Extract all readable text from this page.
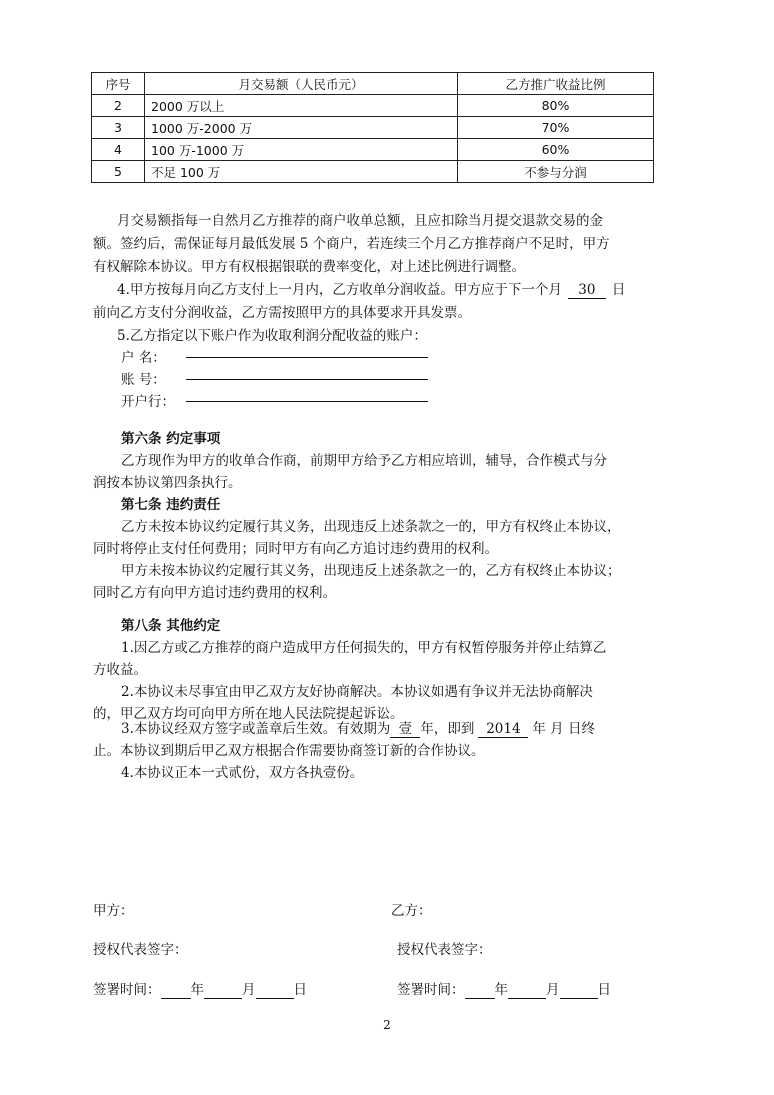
序号	月交易额（人民币元）	乙方推广收益比例
2	2000 万以上	80%
3	1000 万-2000 万	70%
4	100 万-1000 万	60%
5	不足 100 万	不参与分润
月交易额指每一自然月乙方推荐的商户收单总额，且应扣除当月提交退款交易的金
额。签约后，需保证每月最低发展 5 个商户，若连续三个月乙方推荐商户不足时，甲方
有权解除本协议。甲方有权根据银联的费率变化，对上述比例进行调整。
4.甲方按每月向乙方支付上一月内，乙方收单分润收益。甲方应于下一个月 30 日
前向乙方支付分润收益，乙方需按照甲方的具体要求开具发票。
5.乙方指定以下账户作为收取利润分配收益的账户：
户 名：
账 号：
开户行：
第六条 约定事项
乙方现作为甲方的收单合作商，前期甲方给予乙方相应培训，辅导，合作模式与分
润按本协议第四条执行。
第七条 违约责任
乙方未按本协议约定履行其义务，出现违反上述条款之一的，甲方有权终止本协议，
同时将停止支付任何费用；同时甲方有向乙方追讨违约费用的权利。
甲方未按本协议约定履行其义务，出现违反上述条款之一的，乙方有权终止本协议；
同时乙方有向甲方追讨违约费用的权利。
第八条 其他约定
1.因乙方或乙方推荐的商户造成甲方任何损失的，甲方有权暂停服务并停止结算乙
方收益。
2.本协议未尽事宜由甲乙双方友好协商解决。本协议如遇有争议并无法协商解决
的，甲乙双方均可向甲方所在地人民法院提起诉讼。
3.本协议经双方签字或盖章后生效。有效期为 壹 年，即到 2014 年 月 日终
止。本协议到期后甲乙双方根据合作需要协商签订新的合作协议。
4.本协议正本一式贰份，双方各执壹份。
甲方：	乙方：
授权代表签字：	授权代表签字：
签署时间： 年	月	日	签署时间： 年	月	日
2
